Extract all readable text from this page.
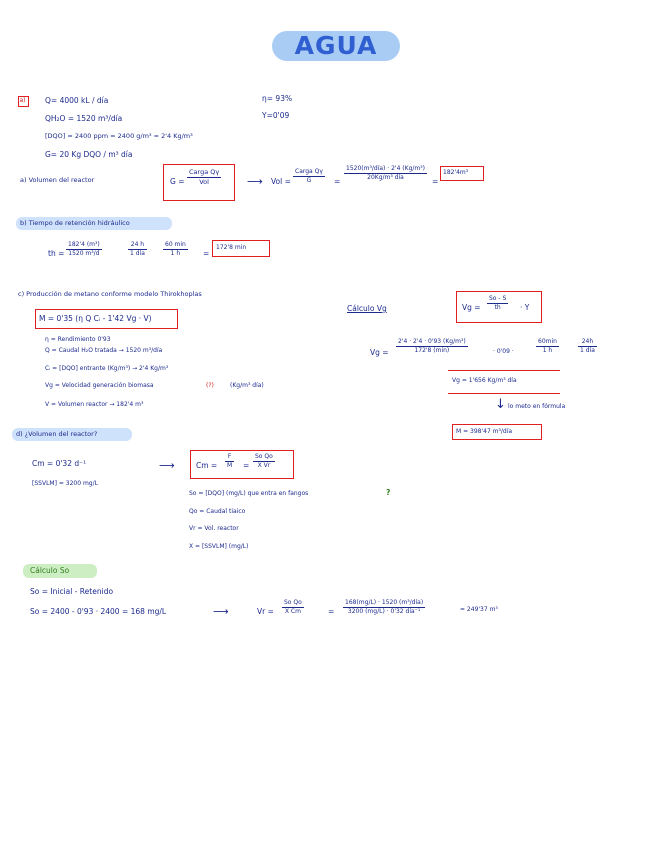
AGUA
a)	Q= 4000 kL / día
QH₂O = 1520 m³/día
[DQO] = 2400 ppm = 2400 g/m³ = 2'4 Kg/m³
G= 20 Kg DQO / m³ día
η= 93%
Y=0'09
a) Volumen del reactor	G =
Carga Qγ
Vol	⟶ Vol =
Carga Qγ
G	=
1520(m³/día) · 2'4 (Kg/m³)
20Kg/m³ día	=
182'4m³
b) Tiempo de retención hidráulico
th = $\frac{\text{182'4 (m³)}}{\text{1520 m³/d}}$	24 h
1 día
60 min
1 h	=
172'8 min
c) Producción de metano conforme modelo Thirokhoplas
M = 0'35 (η Q Cᵢ - 1'42 Vg · V)
η = Rendimiento 0'93
Q = Caudal H₂O tratada → 1520 m³/día
Cᵢ = [DQO] entrante (Kg/m³) → 2'4 Kg/m³
Vg = Velocidad generación biomasa	(?)	(Kg/m³ día)
V = Volumen reactor → 182'4 m³
Cálculo Vg	$Vg = \frac{So - S}{th} \cdot Y$
Vg =
2'4 · 2'4 · 0'93 (Kg/m³)
172'8 (min)	· 0'09 ·
60min
1 h
24h
1 día
Vg = 1'656 Kg/m³ día
↓ lo meto en fórmula
M = 398'47 m³/día
d) ¿Volumen del reactor?
Cm = 0'32 d⁻¹
[SSVLM] = 3200 mg/L
⟶	$Cm = \frac{F}{M} = \frac{\text{So Qo}}{\text{X Vr}}$
So = [DQO] (mg/L) que entra en fangos	?
Qo = Caudal tiaico
Vr = Vol. reactor
X = [SSVLM] (mg/L)
Cálculo So
So = Inicial - Retenido
So = 2400 - 0'93 · 2400 = 168 mg/L	⟶	$Vr = \frac{\text{So Qo}}{\text{X Cm}}$	=
168(mg/L) · 1520 (m³/día)
3200 (mg/L) · 0'32 día⁻¹	= 249'37 m³
